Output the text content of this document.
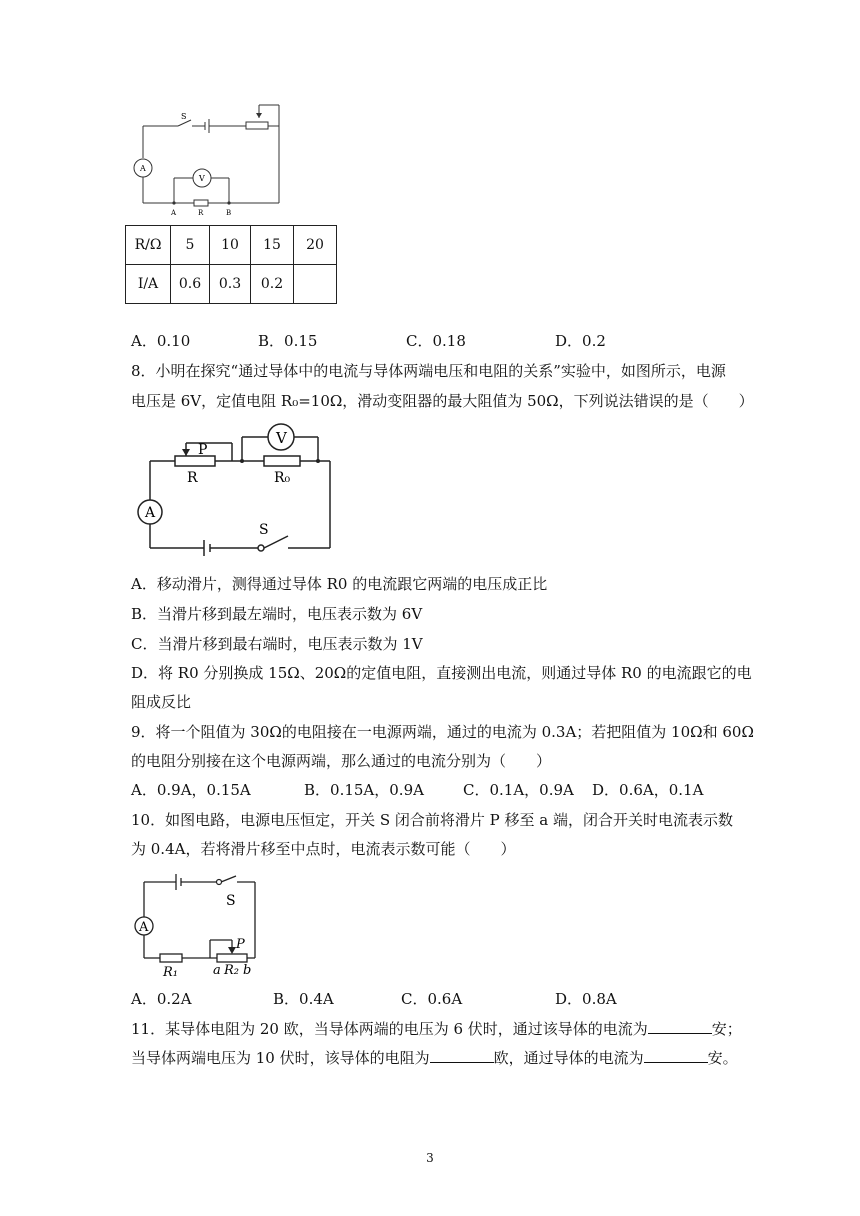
S
A
V
A	R	B
R/Ω	5	10	15	20
I/A	0.6	0.3	0.2	
A．0.10	B．0.15	C．0.18	D．0.2
8．小明在探究“通过导体中的电流与导体两端电压和电阻的关系”实验中，如图所示，电源
电压是 6V，定值电阻 R₀=10Ω，滑动变阻器的最大阻值为 50Ω，下列说法错误的是（　　）
V
P
R	R₀
A
S
A．移动滑片，测得通过导体 R0 的电流跟它两端的电压成正比
B．当滑片移到最左端时，电压表示数为 6V
C．当滑片移到最右端时，电压表示数为 1V
D．将 R0 分别换成 15Ω、20Ω的定值电阻，直接测出电流，则通过导体 R0 的电流跟它的电
阻成反比
9．将一个阻值为 30Ω的电阻接在一电源两端，通过的电流为 0.3A；若把阻值为 10Ω和 60Ω
的电阻分别接在这个电源两端，那么通过的电流分别为（　　）
A．0.9A，0.15A	B．0.15A，0.9A	C．0.1A，0.9A D．0.6A，0.1A
10．如图电路，电源电压恒定，开关 S 闭合前将滑片 P 移至 a 端，闭合开关时电流表示数
为 0.4A，若将滑片移至中点时，电流表示数可能（　　）
S
A
P
R₁	a R₂ b
A．0.2A	B．0.4A	C．0.6A	D．0.8A
11．某导体电阻为 20 欧，当导体两端的电压为 6 伏时，通过该导体的电流为	安；
当导体两端电压为 10 伏时，该导体的电阻为	欧，通过导体的电流为	安。
3
